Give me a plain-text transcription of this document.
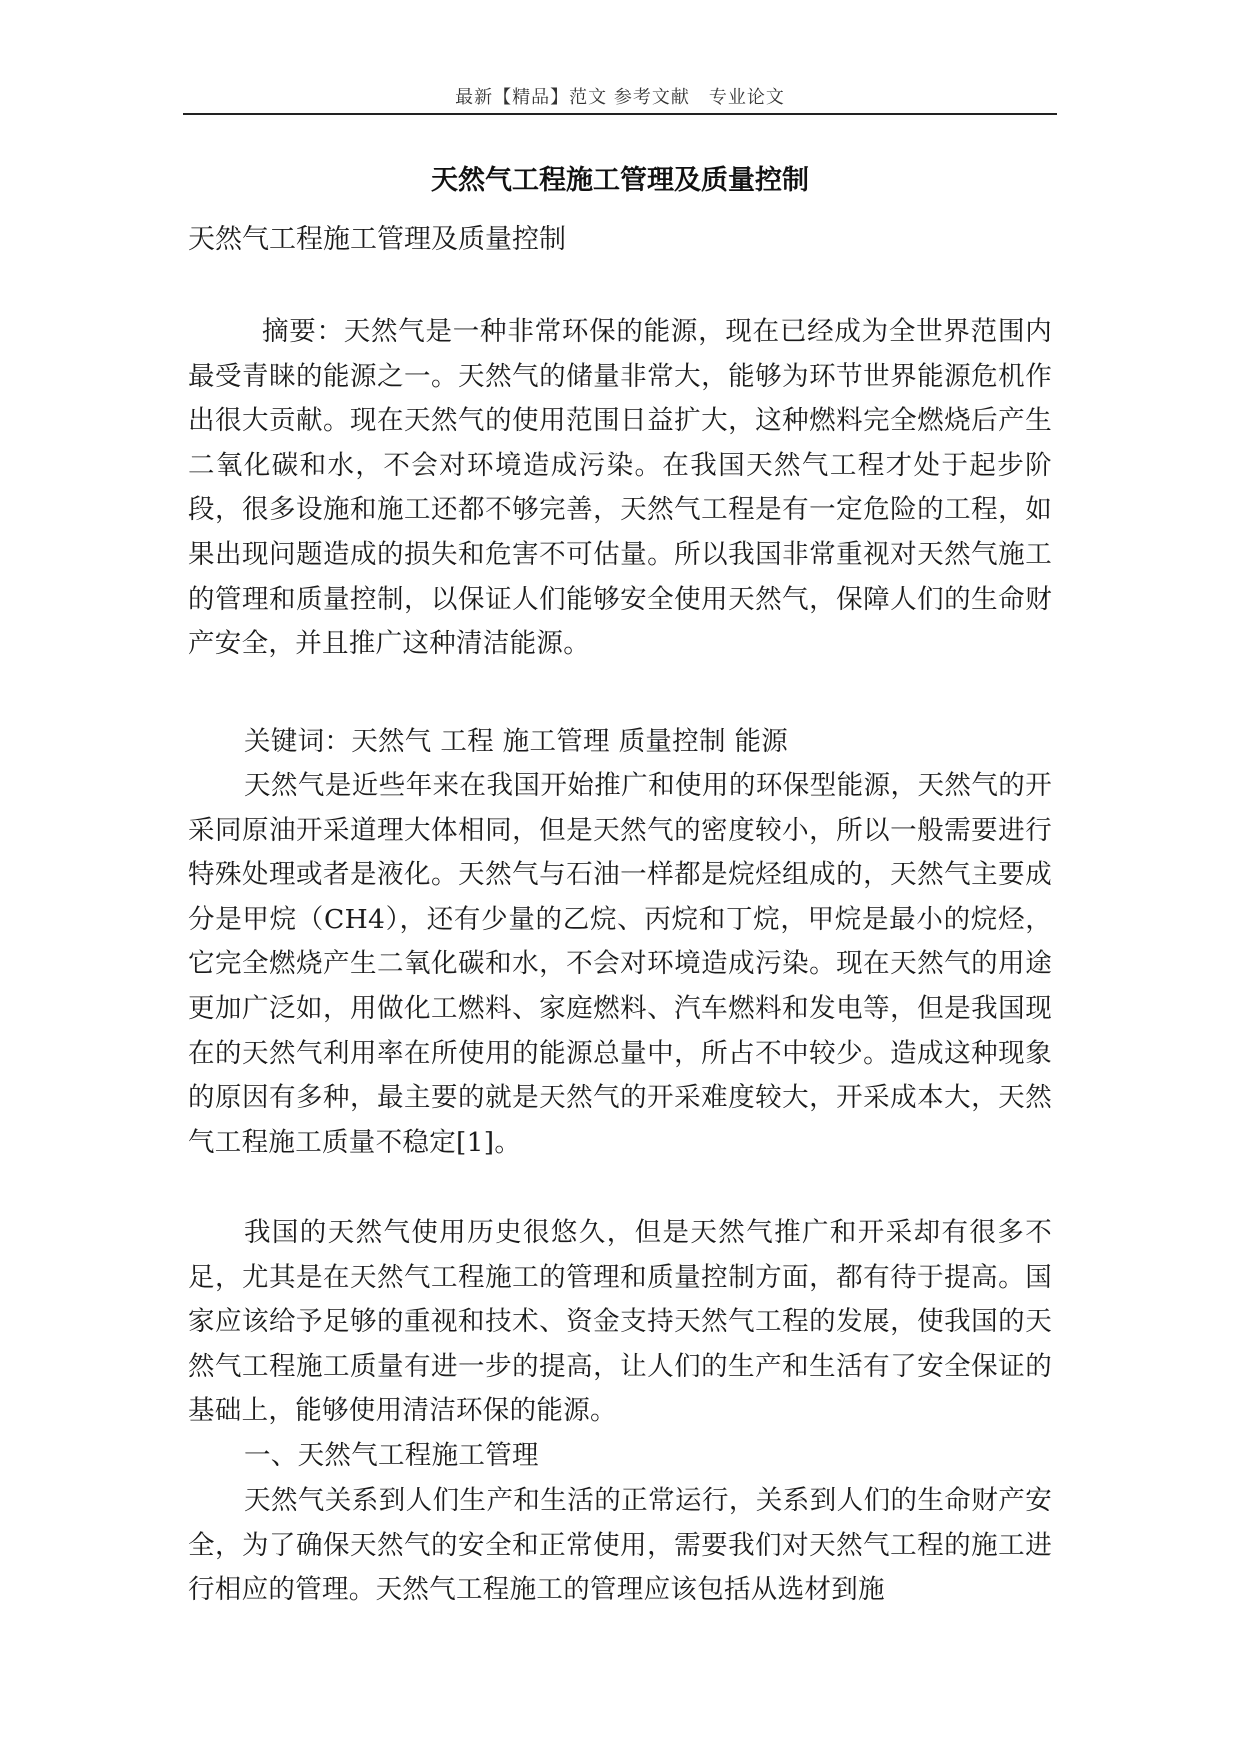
最新【精品】范文 参考文献　专业论文
天然气工程施工管理及质量控制
天然气工程施工管理及质量控制
摘要：天然气是一种非常环保的能源，现在已经成为全世界范围内最受青睐的能源之一。天然气的储量非常大，能够为环节世界能源危机作出很大贡献。现在天然气的使用范围日益扩大，这种燃料完全燃烧后产生二氧化碳和水，不会对环境造成污染。在我国天然气工程才处于起步阶段，很多设施和施工还都不够完善，天然气工程是有一定危险的工程，如果出现问题造成的损失和危害不可估量。所以我国非常重视对天然气施工的管理和质量控制，以保证人们能够安全使用天然气，保障人们的生命财产安全，并且推广这种清洁能源。
关键词：天然气 工程 施工管理 质量控制 能源
天然气是近些年来在我国开始推广和使用的环保型能源，天然气的开采同原油开采道理大体相同，但是天然气的密度较小，所以一般需要进行特殊处理或者是液化。天然气与石油一样都是烷烃组成的，天然气主要成分是甲烷（CH4），还有少量的乙烷、丙烷和丁烷，甲烷是最小的烷烃，它完全燃烧产生二氧化碳和水，不会对环境造成污染。现在天然气的用途更加广泛如，用做化工燃料、家庭燃料、汽车燃料和发电等，但是我国现在的天然气利用率在所使用的能源总量中，所占不中较少。造成这种现象的原因有多种，最主要的就是天然气的开采难度较大，开采成本大，天然气工程施工质量不稳定[1]。
我国的天然气使用历史很悠久，但是天然气推广和开采却有很多不足，尤其是在天然气工程施工的管理和质量控制方面，都有待于提高。国家应该给予足够的重视和技术、资金支持天然气工程的发展，使我国的天然气工程施工质量有进一步的提高，让人们的生产和生活有了安全保证的基础上，能够使用清洁环保的能源。
一、天然气工程施工管理
天然气关系到人们生产和生活的正常运行，关系到人们的生命财产安全，为了确保天然气的安全和正常使用，需要我们对天然气工程的施工进行相应的管理。天然气工程施工的管理应该包括从选材到施
